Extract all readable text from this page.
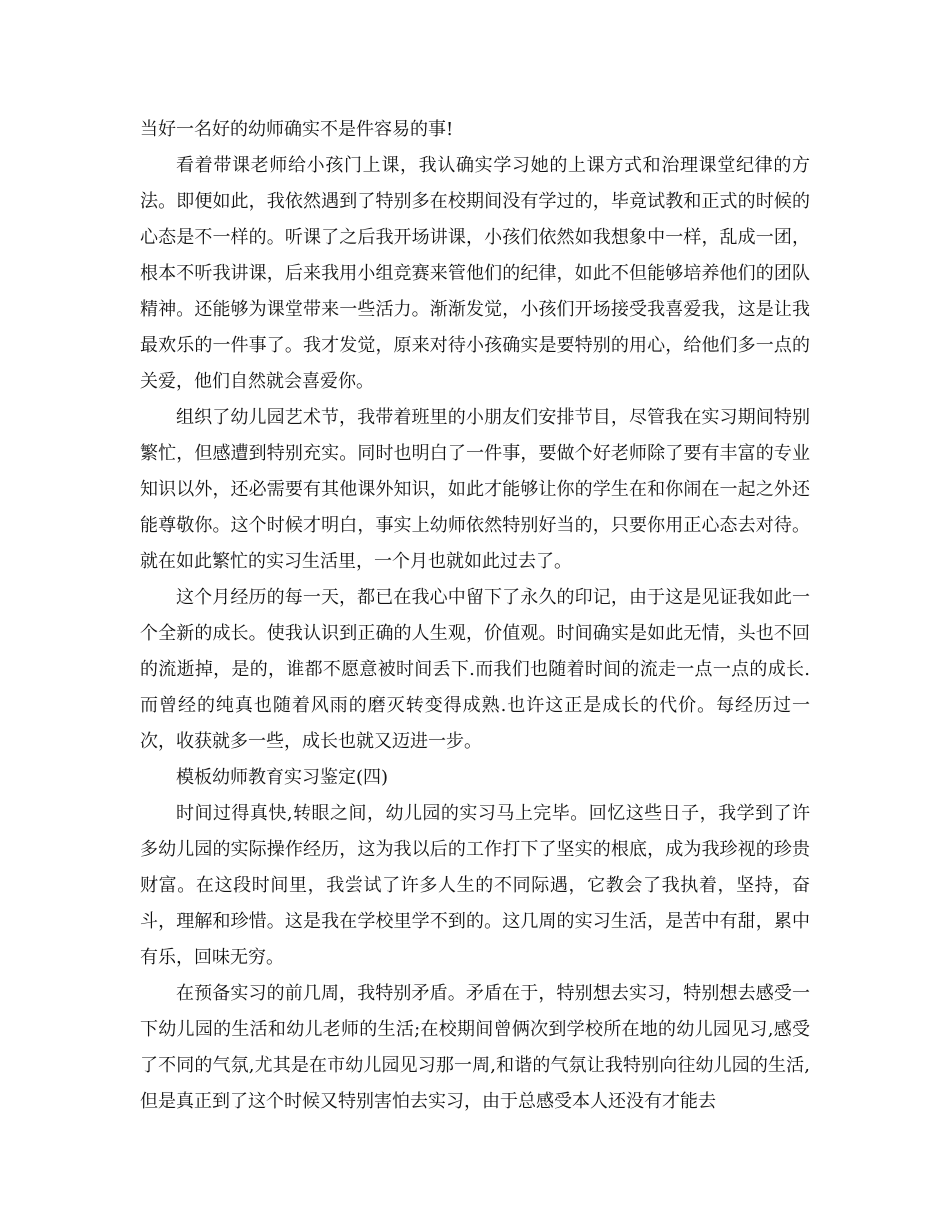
当好一名好的幼师确实不是件容易的事!

看着带课老师给小孩门上课，我认确实学习她的上课方式和治理课堂纪律的方法。即便如此，我依然遇到了特别多在校期间没有学过的，毕竟试教和正式的时候的心态是不一样的。听课了之后我开场讲课，小孩们依然如我想象中一样，乱成一团，根本不听我讲课，后来我用小组竞赛来管他们的纪律，如此不但能够培养他们的团队精神。还能够为课堂带来一些活力。渐渐发觉，小孩们开场接受我喜爱我，这是让我最欢乐的一件事了。我才发觉，原来对待小孩确实是要特别的用心，给他们多一点的关爱，他们自然就会喜爱你。

组织了幼儿园艺术节，我带着班里的小朋友们安排节目，尽管我在实习期间特别繁忙，但感遭到特别充实。同时也明白了一件事，要做个好老师除了要有丰富的专业知识以外，还必需要有其他课外知识，如此才能够让你的学生在和你闹在一起之外还能尊敬你。这个时候才明白，事实上幼师依然特别好当的，只要你用正心态去对待。就在如此繁忙的实习生活里，一个月也就如此过去了。

这个月经历的每一天，都已在我心中留下了永久的印记，由于这是见证我如此一个全新的成长。使我认识到正确的人生观，价值观。时间确实是如此无情，头也不回的流逝掉，是的，谁都不愿意被时间丢下.而我们也随着时间的流走一点一点的成长.而曾经的纯真也随着风雨的磨灭转变得成熟.也许这正是成长的代价。每经历过一次，收获就多一些，成长也就又迈进一步。

模板幼师教育实习鉴定(四)

时间过得真快,转眼之间，幼儿园的实习马上完毕。回忆这些日子，我学到了许多幼儿园的实际操作经历，这为我以后的工作打下了坚实的根底，成为我珍视的珍贵财富。在这段时间里，我尝试了许多人生的不同际遇，它教会了我执着，坚持，奋斗，理解和珍惜。这是我在学校里学不到的。这几周的实习生活，是苦中有甜，累中有乐，回味无穷。

在预备实习的前几周，我特别矛盾。矛盾在于，特别想去实习，特别想去感受一下幼儿园的生活和幼儿老师的生活;在校期间曾俩次到学校所在地的幼儿园见习,感受了不同的气氛,尤其是在市幼儿园见习那一周,和谐的气氛让我特别向往幼儿园的生活,但是真正到了这个时候又特别害怕去实习，由于总感受本人还没有才能去
